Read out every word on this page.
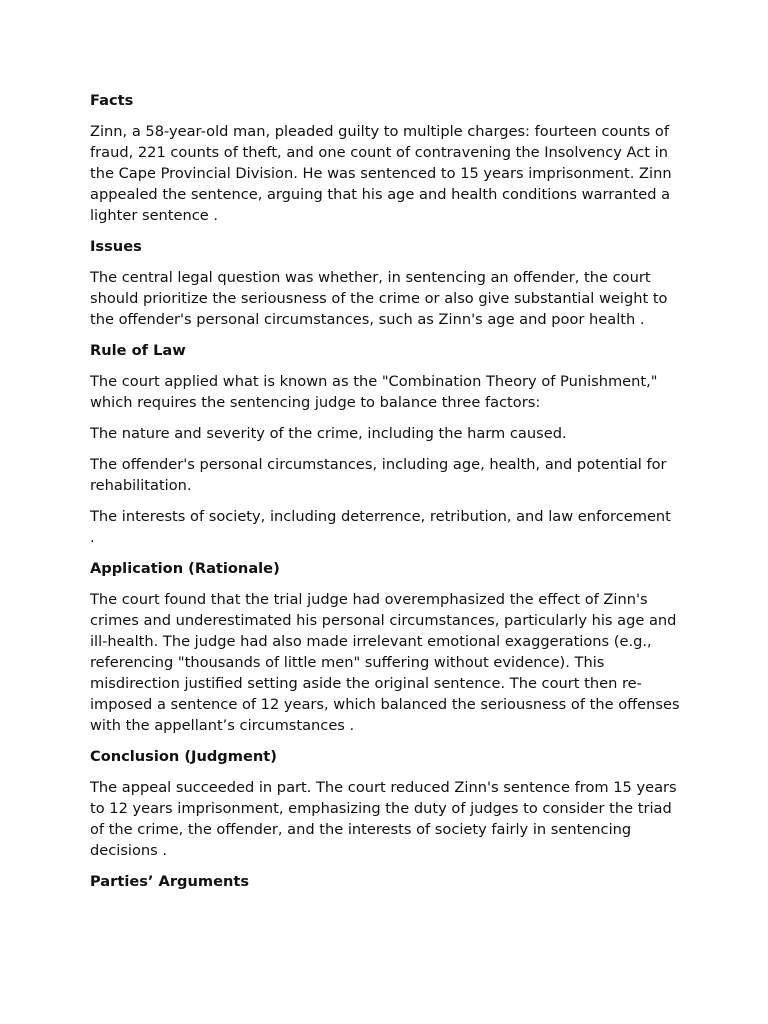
Facts
Zinn, a 58-year-old man, pleaded guilty to multiple charges: fourteen counts of fraud, 221 counts of theft, and one count of contravening the Insolvency Act in the Cape Provincial Division. He was sentenced to 15 years imprisonment. Zinn appealed the sentence, arguing that his age and health conditions warranted a lighter sentence .
Issues
The central legal question was whether, in sentencing an offender, the court should prioritize the seriousness of the crime or also give substantial weight to the offender's personal circumstances, such as Zinn's age and poor health .
Rule of Law
The court applied what is known as the "Combination Theory of Punishment," which requires the sentencing judge to balance three factors:
The nature and severity of the crime, including the harm caused.
The offender's personal circumstances, including age, health, and potential for rehabilitation.
The interests of society, including deterrence, retribution, and law enforcement .
Application (Rationale)
The court found that the trial judge had overemphasized the effect of Zinn's crimes and underestimated his personal circumstances, particularly his age and ill-health. The judge had also made irrelevant emotional exaggerations (e.g., referencing "thousands of little men" suffering without evidence). This misdirection justified setting aside the original sentence. The court then re-imposed a sentence of 12 years, which balanced the seriousness of the offenses with the appellant’s circumstances .
Conclusion (Judgment)
The appeal succeeded in part. The court reduced Zinn's sentence from 15 years to 12 years imprisonment, emphasizing the duty of judges to consider the triad of the crime, the offender, and the interests of society fairly in sentencing decisions .
Parties’ Arguments
